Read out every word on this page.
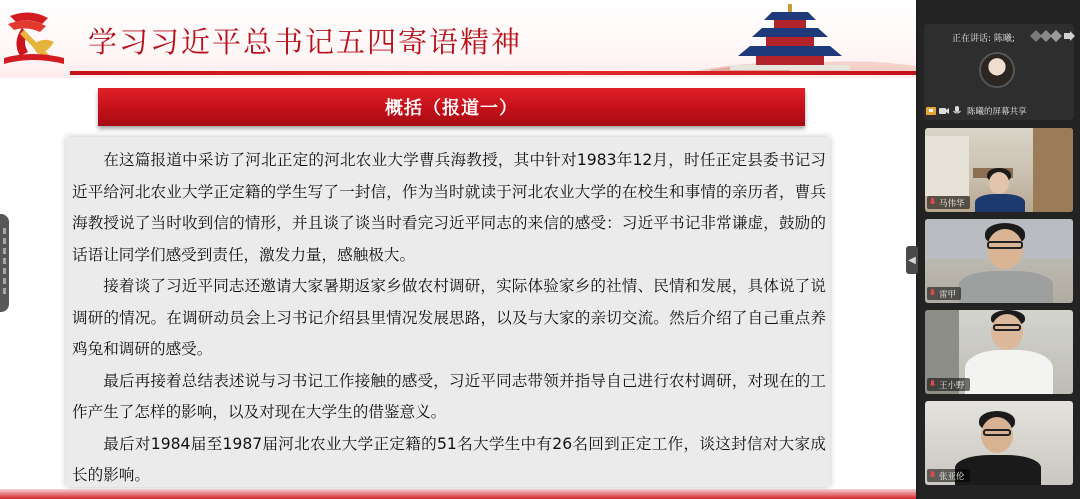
学习习近平总书记五四寄语精神
概括（报道一）

在这篇报道中采访了河北正定的河北农业大学曹兵海教授，其中针对1983年12月，时任正定县委书记习近平给河北农业大学正定籍的学生写了一封信，作为当时就读于河北农业大学的在校生和事情的亲历者，曹兵海教授说了当时收到信的情形，并且谈了谈当时看完习近平同志的来信的感受：习近平书记非常谦虚，鼓励的话语让同学们感受到责任，激发力量，感触极大。

接着谈了习近平同志还邀请大家暑期返家乡做农村调研，实际体验家乡的社情、民情和发展，具体说了说调研的情况。在调研动员会上习书记介绍县里情况发展思路，以及与大家的亲切交流。然后介绍了自己重点养鸡兔和调研的感受。

最后再接着总结表述说与习书记工作接触的感受，习近平同志带领并指导自己进行农村调研，对现在的工作产生了怎样的影响，以及对现在大学生的借鉴意义。

最后对1984届至1987届河北农业大学正定籍的51名大学生中有26名回到正定工作，谈这封信对大家成长的影响。

◀
正在讲话: 陈曦;
陈曦的屏幕共享
马伟华
雷甲
王小野
张亚伦
